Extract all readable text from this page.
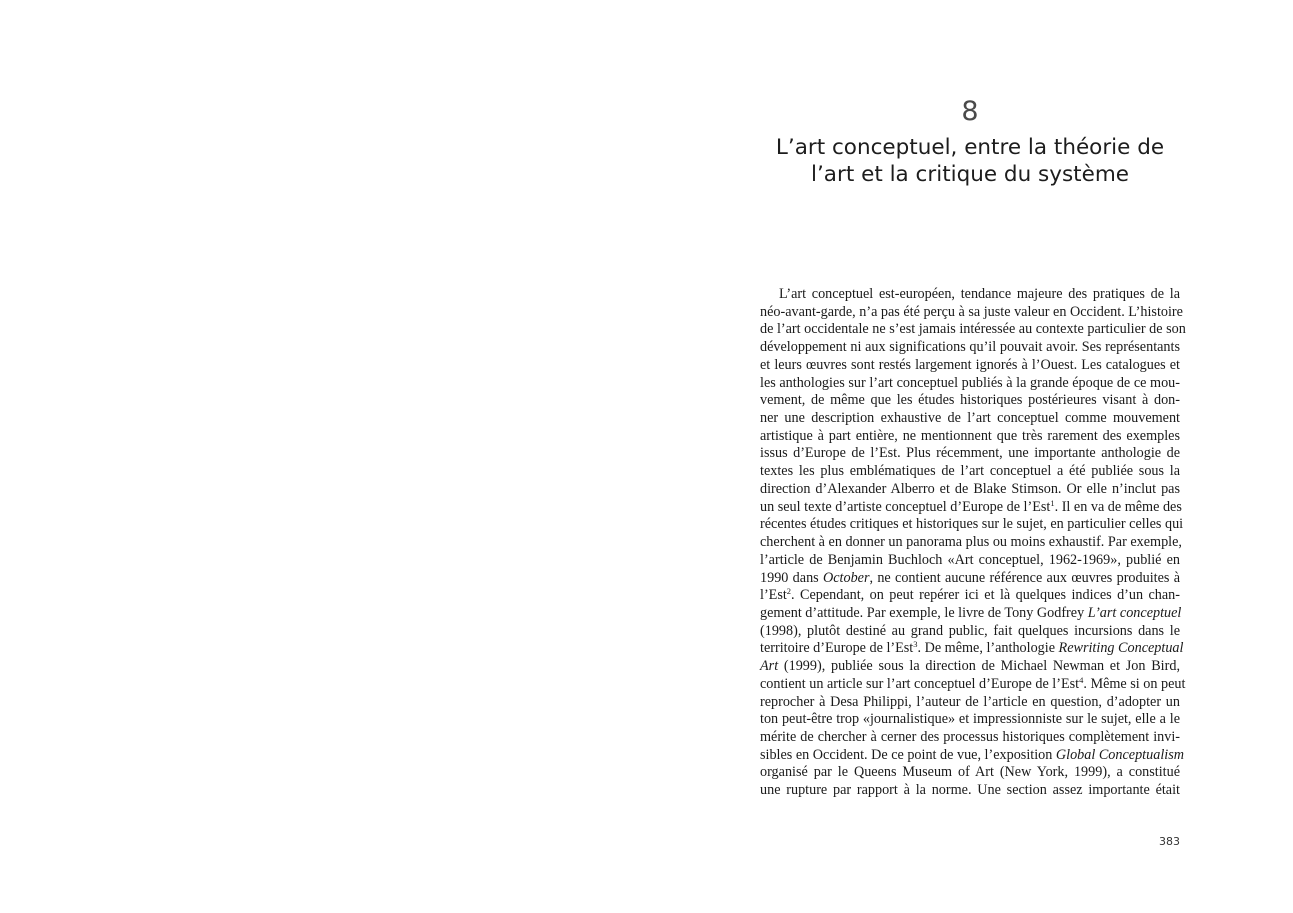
8
L’art conceptuel, entre la théorie de
l’art et la critique du système
L’art conceptuel est-européen, tendance majeure des pratiques de la
néo-avant-garde, n’a pas été perçu à sa juste valeur en Occident. L’histoire
de l’art occidentale ne s’est jamais intéressée au contexte particulier de son
développement ni aux significations qu’il pouvait avoir. Ses représentants
et leurs œuvres sont restés largement ignorés à l’Ouest. Les catalogues et
les anthologies sur l’art conceptuel publiés à la grande époque de ce mou-
vement, de même que les études historiques postérieures visant à don-
ner une description exhaustive de l’art conceptuel comme mouvement
artistique à part entière, ne mentionnent que très rarement des exemples
issus d’Europe de l’Est. Plus récemment, une importante anthologie de
textes les plus emblématiques de l’art conceptuel a été publiée sous la
direction d’Alexander Alberro et de Blake Stimson. Or elle n’inclut pas
un seul texte d’artiste conceptuel d’Europe de l’Est$^1$. Il en va de même des
récentes études critiques et historiques sur le sujet, en particulier celles qui
cherchent à en donner un panorama plus ou moins exhaustif. Par exemple,
l’article de Benjamin Buchloch «Art conceptuel, 1962-1969», publié en
1990 dans October, ne contient aucune référence aux œuvres produites à
l’Est$^2$. Cependant, on peut repérer ici et là quelques indices d’un chan-
gement d’attitude. Par exemple, le livre de Tony Godfrey L’art conceptuel
(1998), plutôt destiné au grand public, fait quelques incursions dans le
territoire d’Europe de l’Est$^3$. De même, l’anthologie Rewriting Conceptual
Art (1999), publiée sous la direction de Michael Newman et Jon Bird,
contient un article sur l’art conceptuel d’Europe de l’Est$^4$. Même si on peut
reprocher à Desa Philippi, l’auteur de l’article en question, d’adopter un
ton peut-être trop «journalistique» et impressionniste sur le sujet, elle a le
mérite de chercher à cerner des processus historiques complètement invi-
sibles en Occident. De ce point de vue, l’exposition Global Conceptualism
organisé par le Queens Museum of Art (New York, 1999), a constitué
une rupture par rapport à la norme. Une section assez importante était
383
